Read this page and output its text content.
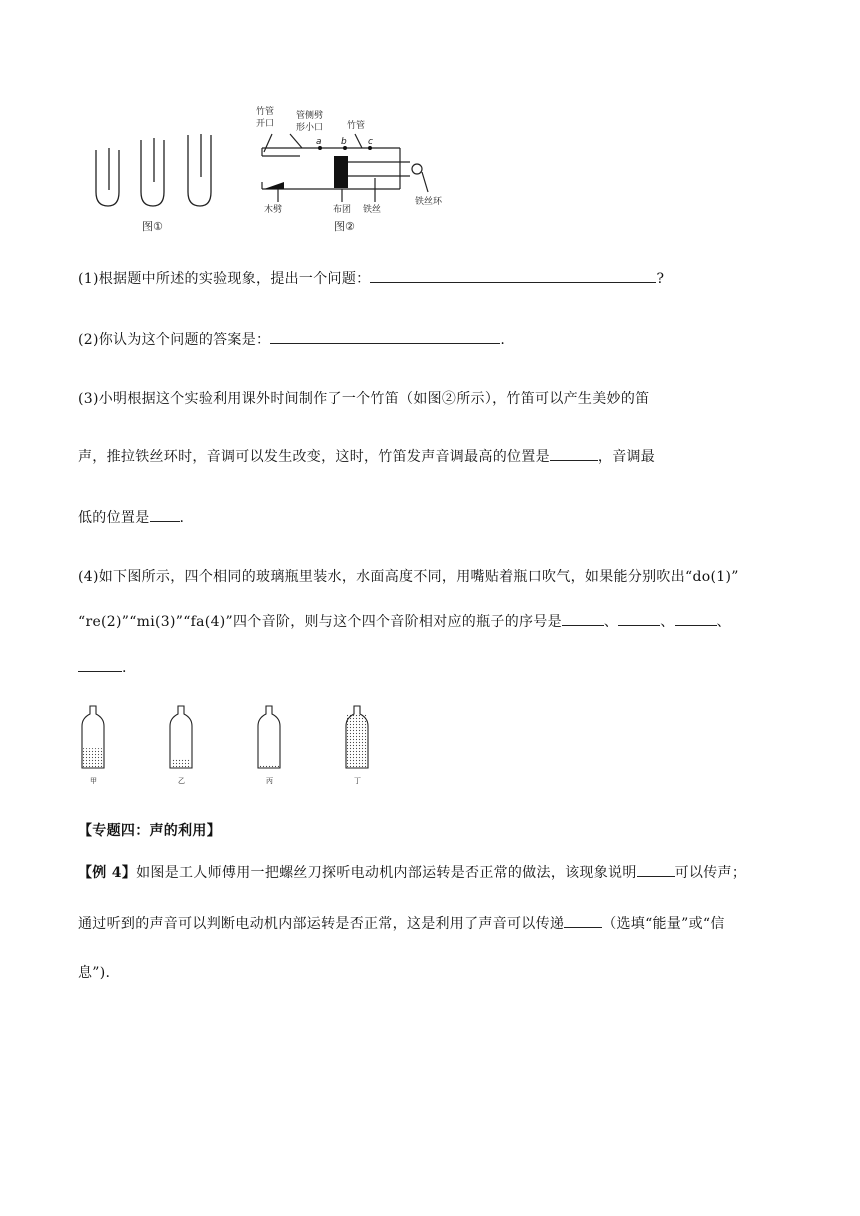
图①
竹管
开口
管侧劈
形小口	竹管
a b c
木劈	布团 铁丝
铁丝环
图②
(1)根据题中所述的实验现象，提出一个问题：	?
(2)你认为这个问题的答案是：	.
(3)小明根据这个实验利用课外时间制作了一个竹笛（如图②所示），竹笛可以产生美妙的笛
声，推拉铁丝环时，音调可以发生改变，这时，竹笛发声音调最高的位置是	，音调最
低的位置是 .
(4)如下图所示，四个相同的玻璃瓶里装水，水面高度不同，用嘴贴着瓶口吹气，如果能分别吹出“do(1)”
“re(2)”“mi(3)”“fa(4)”四个音阶，则与这个四个音阶相对应的瓶子的序号是	、	、	、
.
甲	乙	丙	丁
【专题四：声的利用】
【例 4】如图是工人师傅用一把螺丝刀探听电动机内部运转是否正常的做法，该现象说明	可以传声；
通过听到的声音可以判断电动机内部运转是否正常，这是利用了声音可以传递	（选填“能量”或“信
息”).
